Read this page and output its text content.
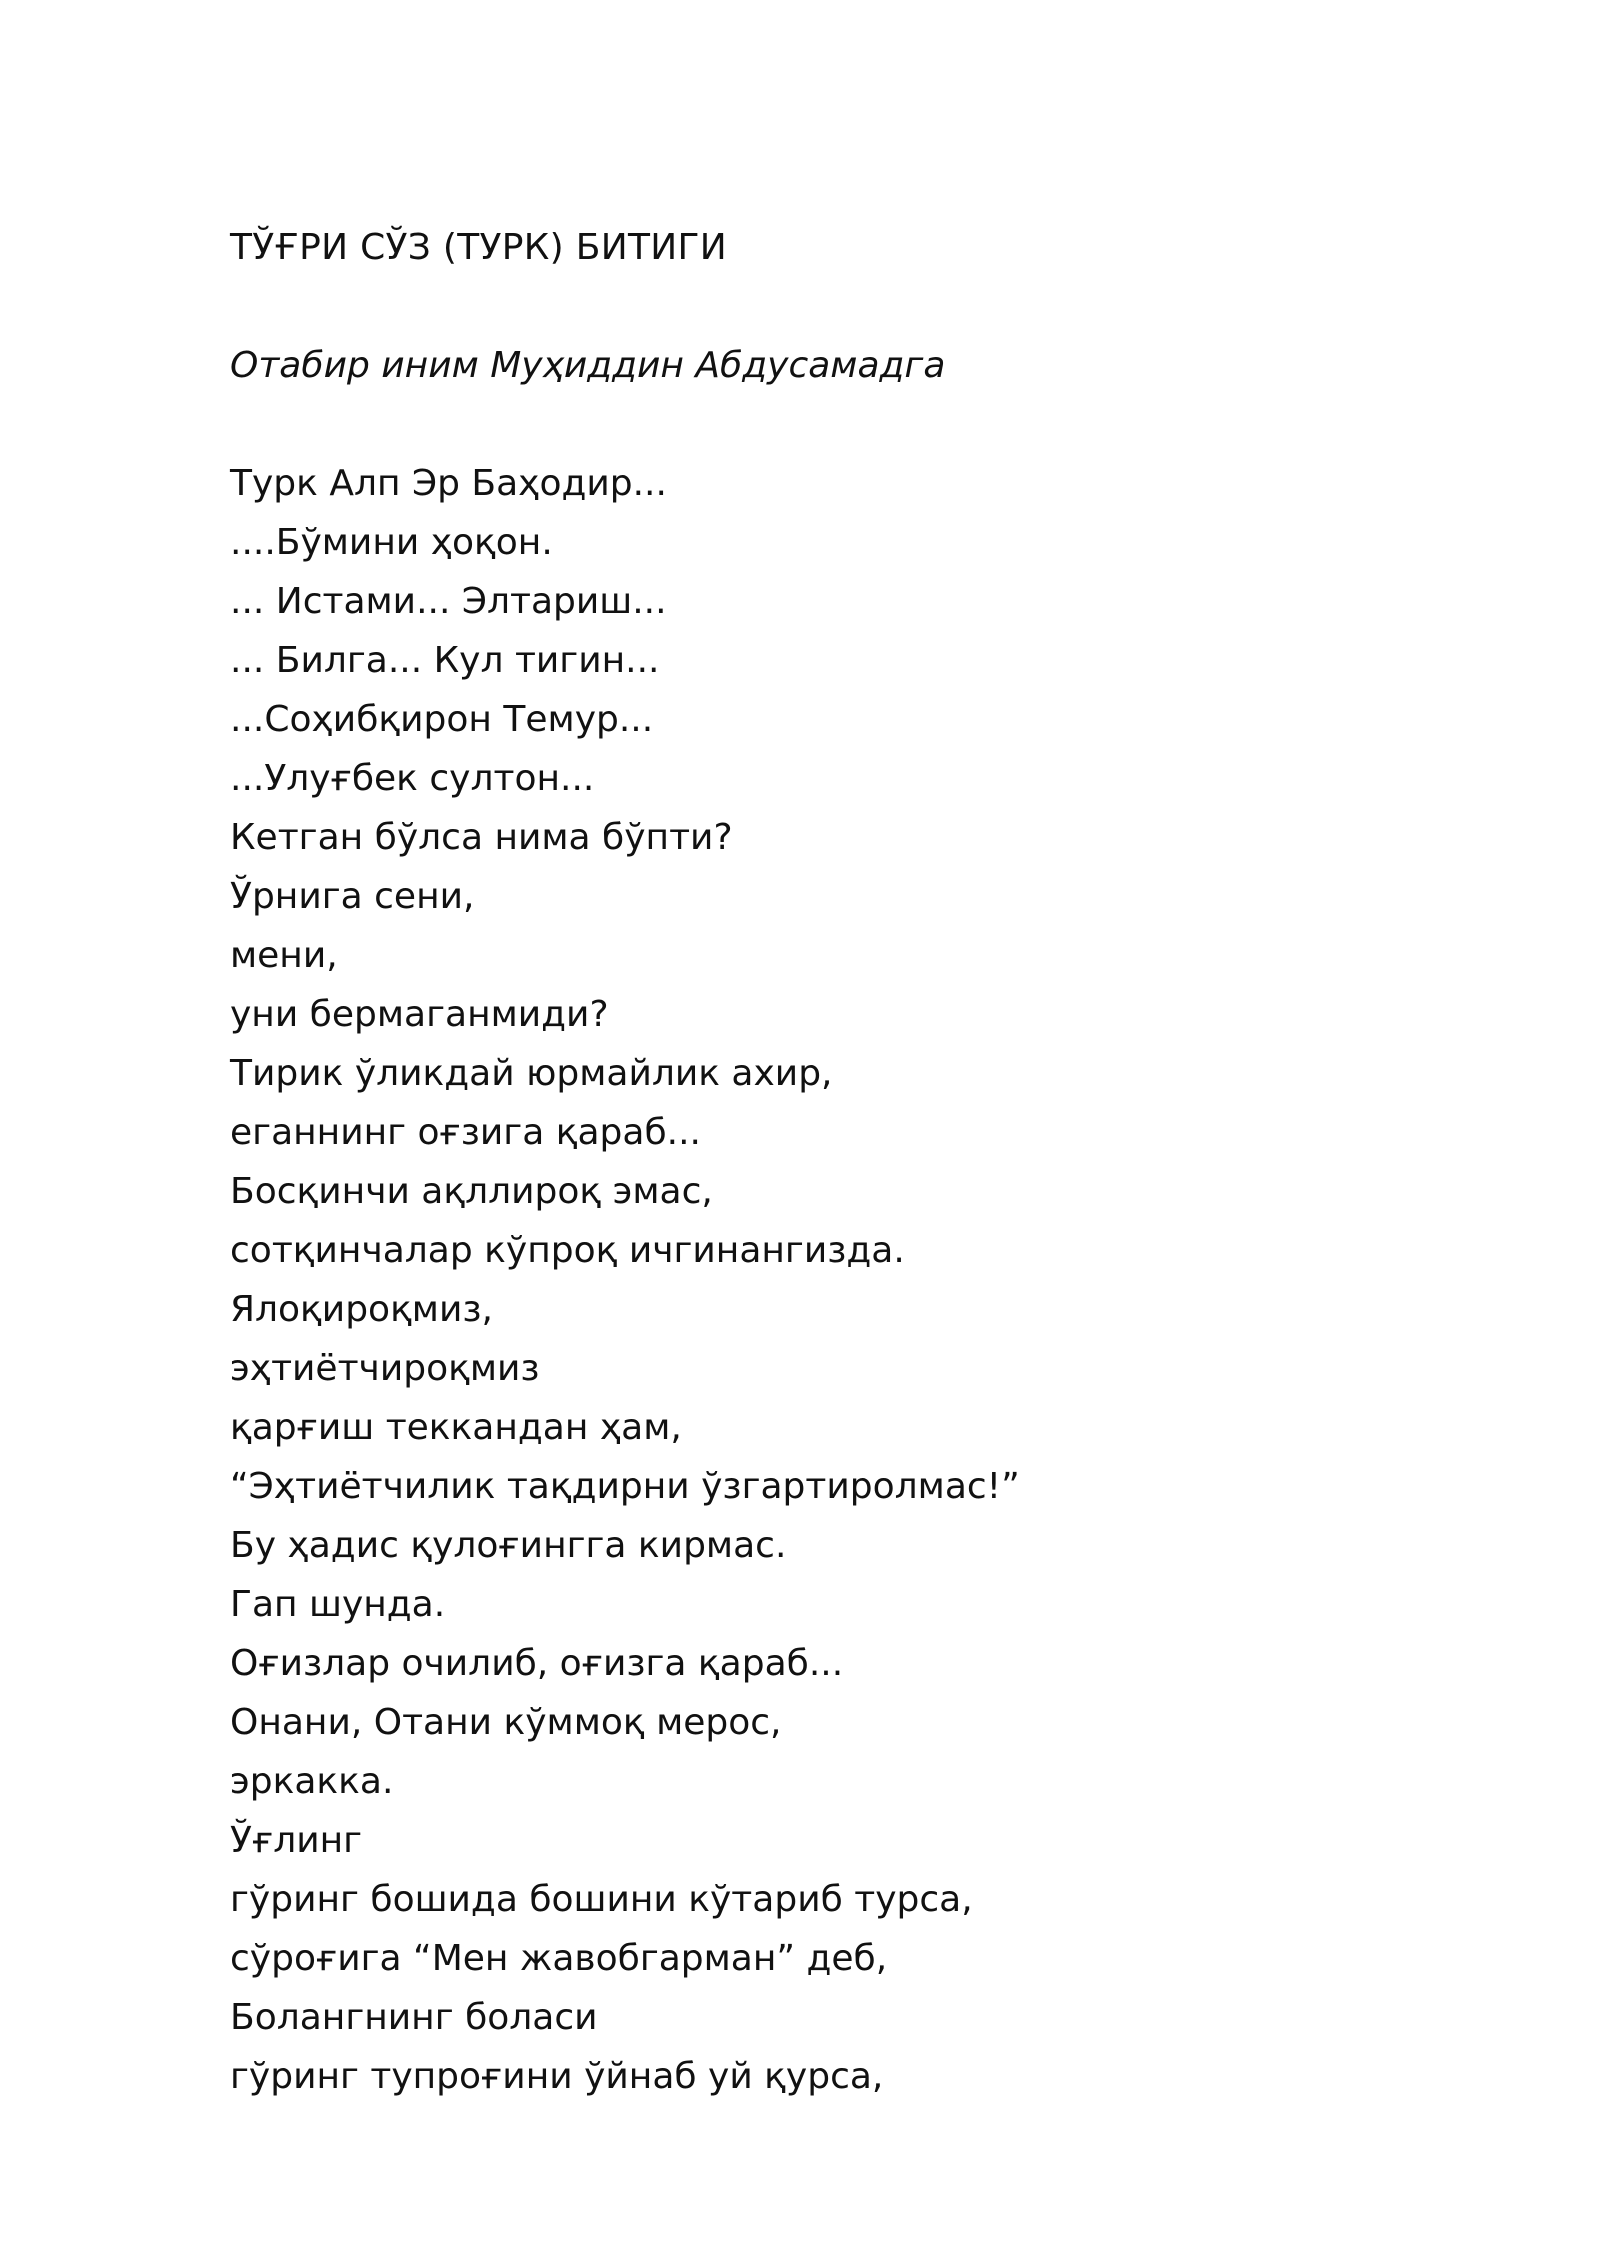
ТЎҒРИ СЎЗ (ТУРК) БИТИГИ
Отабир иним Муҳиддин Абдусамадга
Турк Алп Эр Баҳодир...
....Бўмини ҳоқон.
... Истами... Элтариш...
... Билга... Кул тигин...
...Соҳибқирон Темур...
...Улуғбек султон...
Кетган бўлса нима бўпти?
Ўрнига сени,
мени,
уни бермаганмиди?
Тирик ўликдай юрмайлик ахир,
еганнинг оғзига қараб...
Босқинчи ақллироқ эмас,
сотқинчалар кўпроқ ичгинангизда.
Ялоқироқмиз,
эҳтиётчироқмиз
қарғиш теккандан ҳам,
“Эҳтиётчилик тақдирни ўзгартиролмас!”
Бу ҳадис қулоғингга кирмас.
Гап шунда.
Оғизлар очилиб, оғизга қараб...
Онани, Отани кўммоқ мерос,
эркакка.
Ўғлинг
гўринг бошида бошини кўтариб турса,
сўроғига “Мен жавобгарман” деб,
Болангнинг боласи
гўринг тупроғини ўйнаб уй қурса,
